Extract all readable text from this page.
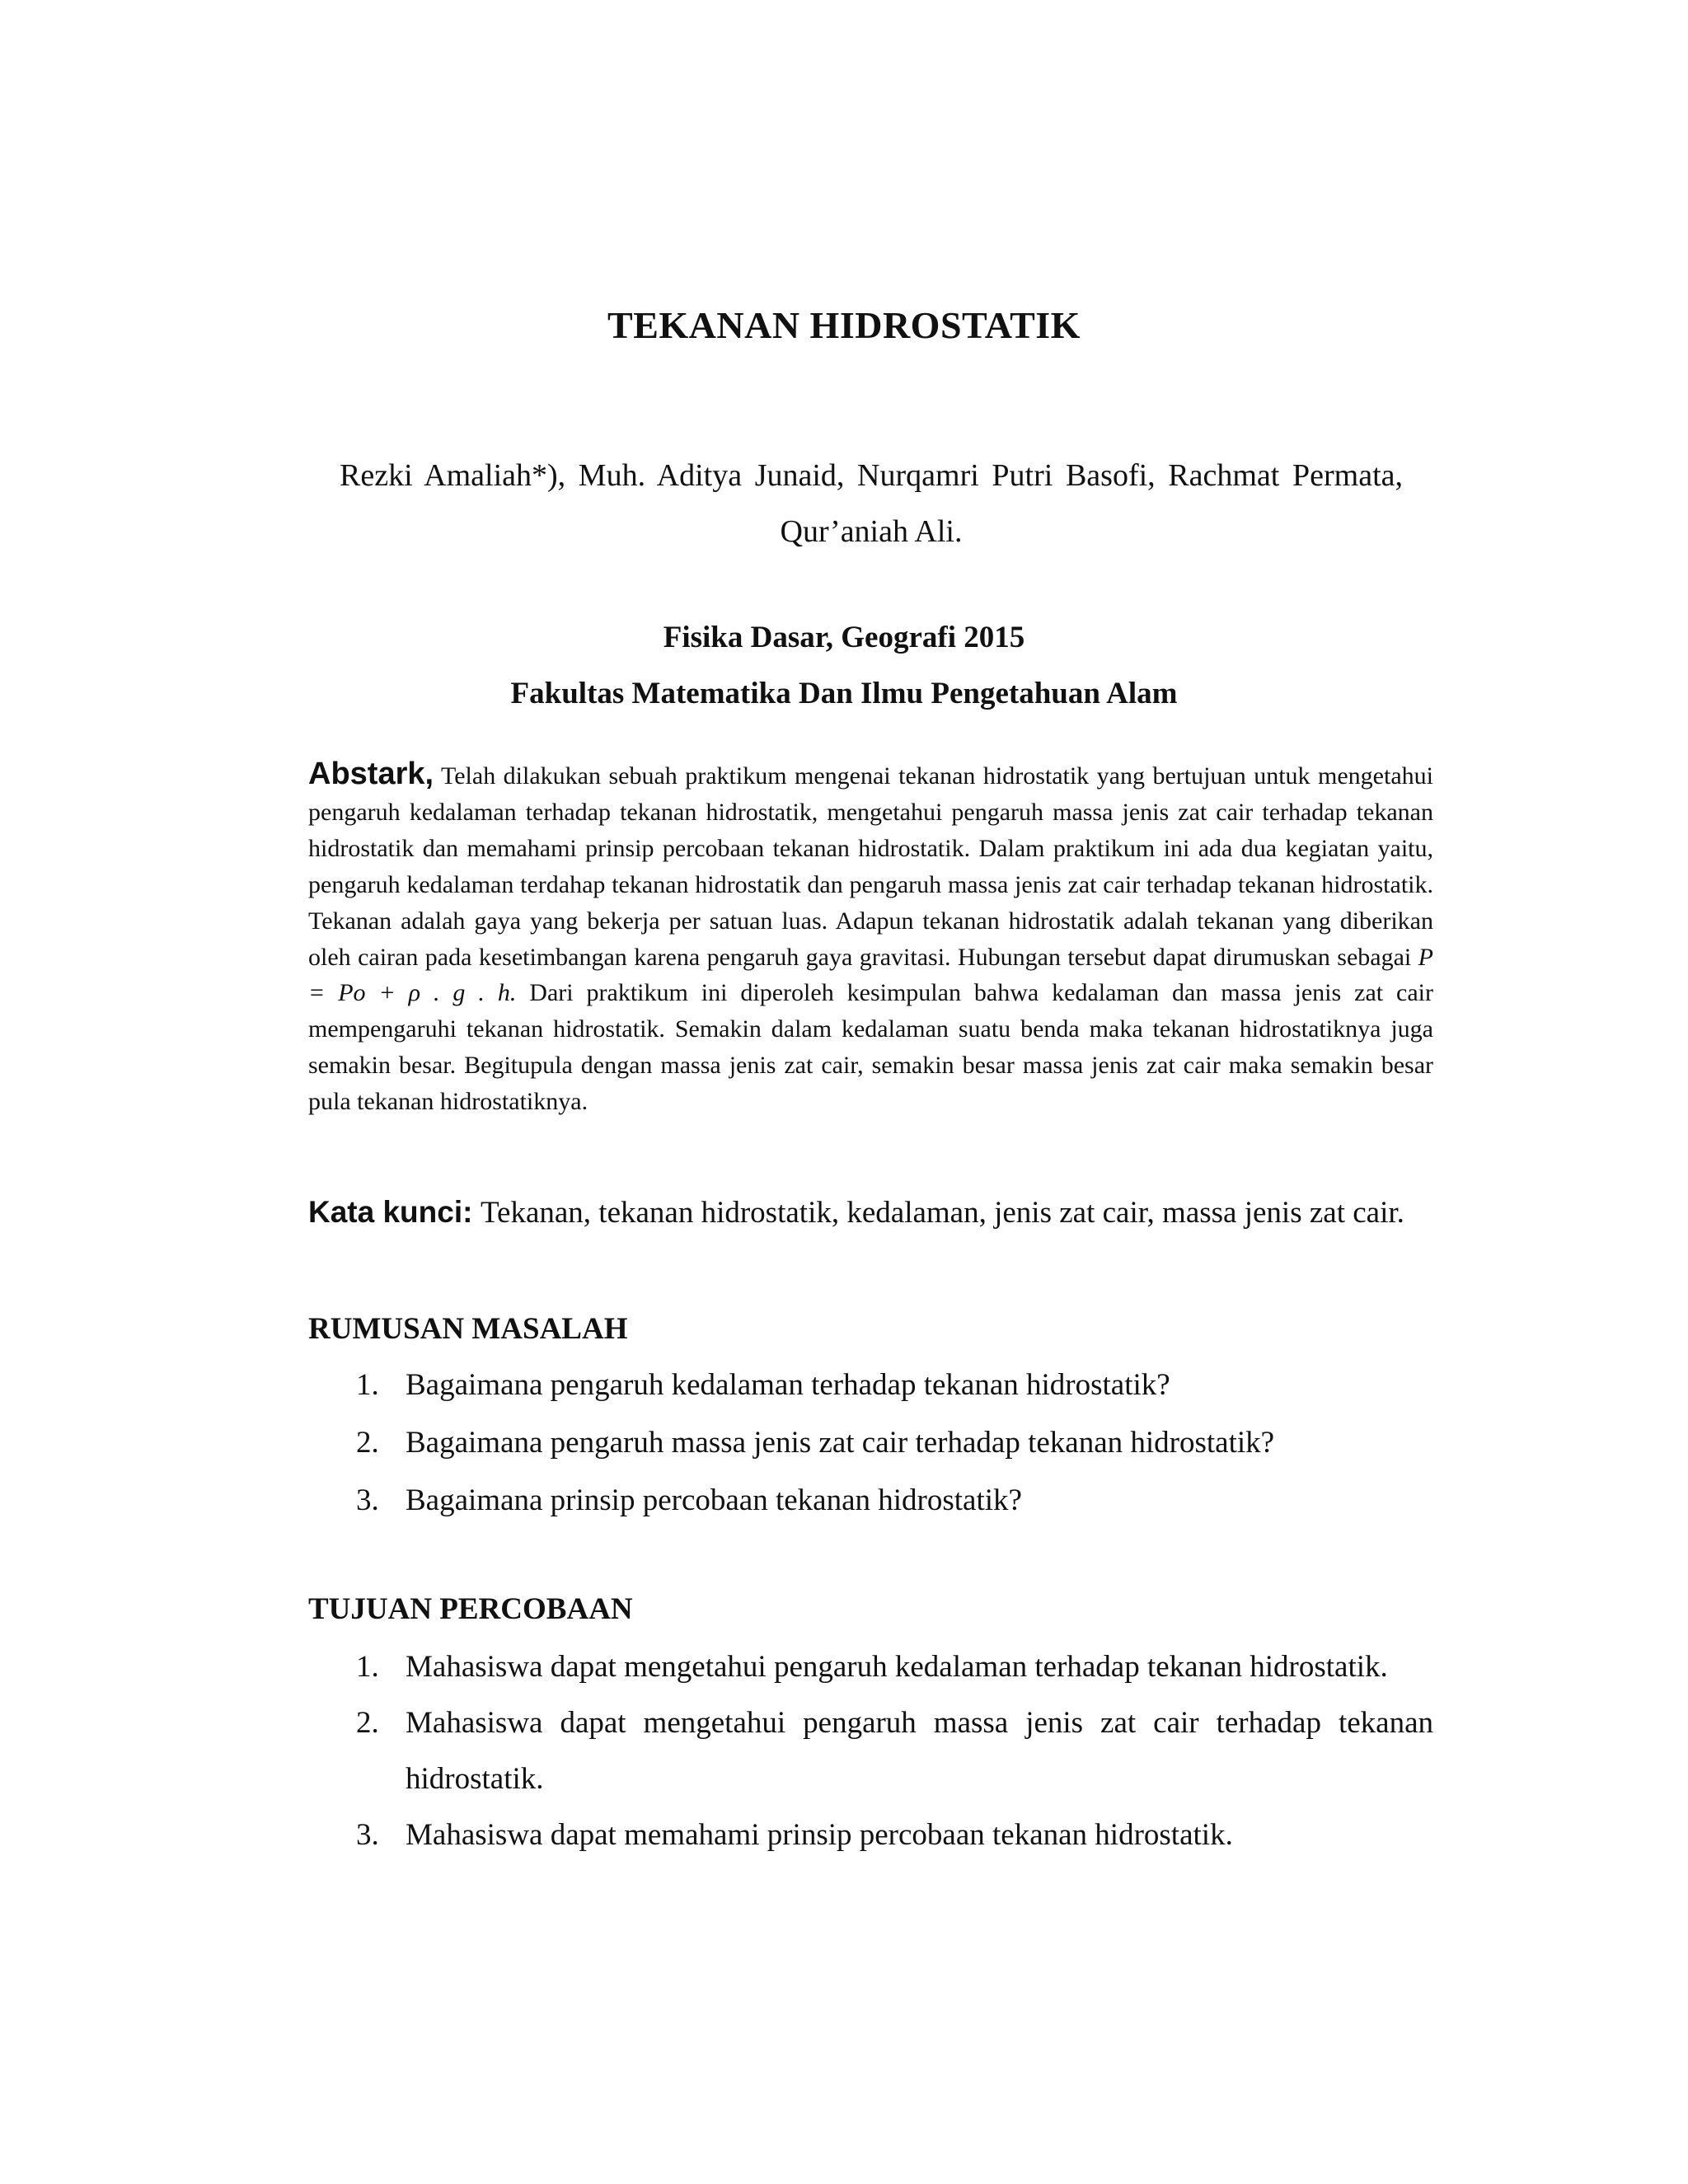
TEKANAN HIDROSTATIK
Rezki Amaliah*), Muh. Aditya Junaid, Nurqamri Putri Basofi, Rachmat Permata,
Qur’aniah Ali.
Fisika Dasar, Geografi 2015
Fakultas Matematika Dan Ilmu Pengetahuan Alam

Abstark, Telah dilakukan sebuah praktikum mengenai tekanan hidrostatik yang bertujuan untuk mengetahui pengaruh kedalaman terhadap tekanan hidrostatik, mengetahui pengaruh massa jenis zat cair terhadap tekanan hidrostatik dan memahami prinsip percobaan tekanan hidrostatik. Dalam praktikum ini ada dua kegiatan yaitu, pengaruh kedalaman terdahap tekanan hidrostatik dan pengaruh massa jenis zat cair terhadap tekanan hidrostatik. Tekanan adalah gaya yang bekerja per satuan luas. Adapun tekanan hidrostatik adalah tekanan yang diberikan oleh cairan pada kesetimbangan karena pengaruh gaya gravitasi. Hubungan tersebut dapat dirumuskan sebagai P = Po + ρ . g . h. Dari praktikum ini diperoleh kesimpulan bahwa kedalaman dan massa jenis zat cair mempengaruhi tekanan hidrostatik. Semakin dalam kedalaman suatu benda maka tekanan hidrostatiknya juga semakin besar. Begitupula dengan massa jenis zat cair, semakin besar massa jenis zat cair maka semakin besar pula tekanan hidrostatiknya.

Kata kunci: Tekanan, tekanan hidrostatik, kedalaman, jenis zat cair, massa jenis zat cair.
RUMUSAN MASALAH
1. Bagaimana pengaruh kedalaman terhadap tekanan hidrostatik?
2. Bagaimana pengaruh massa jenis zat cair terhadap tekanan hidrostatik?
3. Bagaimana prinsip percobaan tekanan hidrostatik?
TUJUAN PERCOBAAN
1. Mahasiswa dapat mengetahui pengaruh kedalaman terhadap tekanan hidrostatik.
2. Mahasiswa dapat mengetahui pengaruh massa jenis zat cair terhadap tekanan hidrostatik.
3. Mahasiswa dapat memahami prinsip percobaan tekanan hidrostatik.
